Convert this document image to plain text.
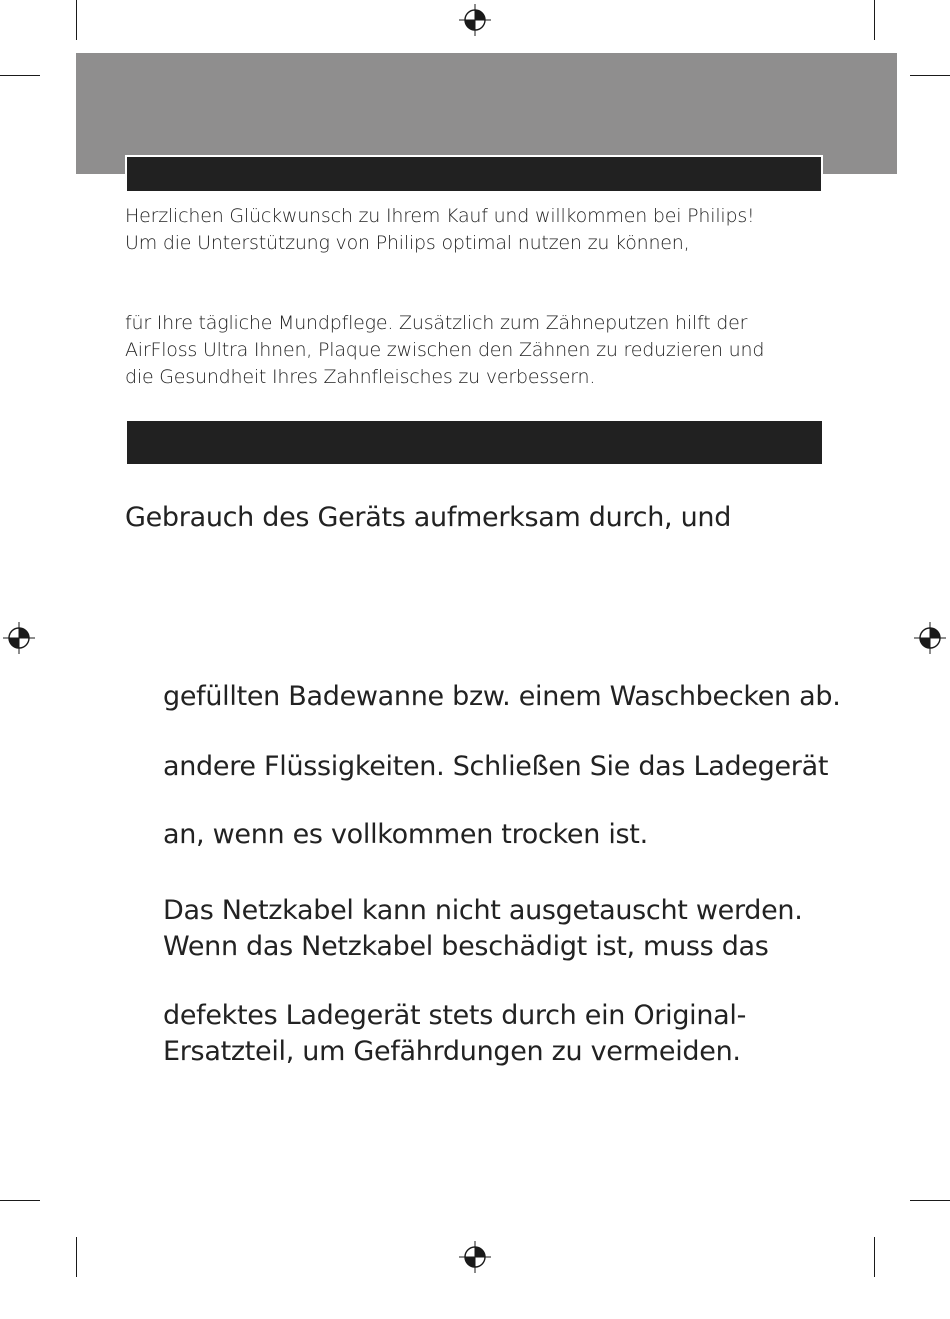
Herzlichen Glückwunsch zu Ihrem Kauf und willkommen bei Philips!
Um die Unterstützung von Philips optimal nutzen zu können,

für Ihre tägliche Mundpflege. Zusätzlich zum Zähneputzen hilft der
AirFloss Ultra Ihnen, Plaque zwischen den Zähnen zu reduzieren und
die Gesundheit Ihres Zahnfleisches zu verbessern.

Gebrauch des Geräts aufmerksam durch, und

gefüllten Badewanne bzw. einem Waschbecken ab.

andere Flüssigkeiten. Schließen Sie das Ladegerät

an, wenn es vollkommen trocken ist.

Das Netzkabel kann nicht ausgetauscht werden.
Wenn das Netzkabel beschädigt ist, muss das

defektes Ladegerät stets durch ein Original-
Ersatzteil, um Gefährdungen zu vermeiden.
